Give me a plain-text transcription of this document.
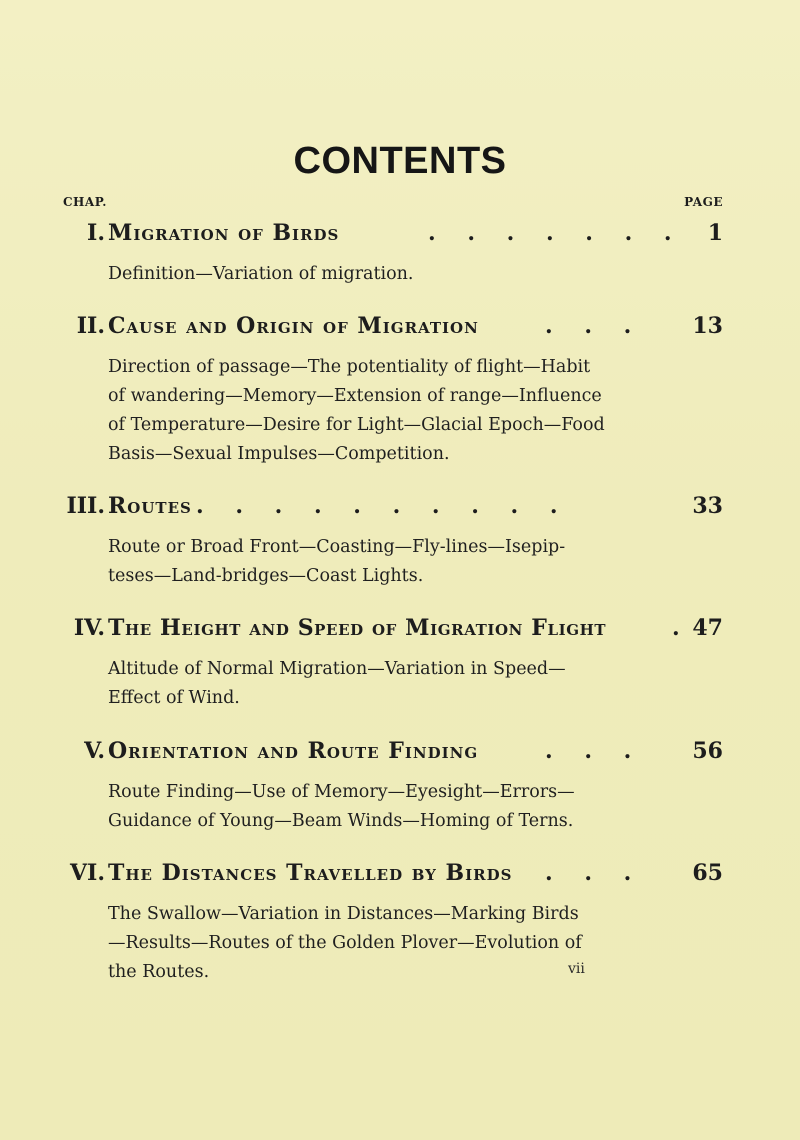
CONTENTS
CHAP.	PAGE
I. Migration of Birds	. . . . . . . 1
Definition—Variation of migration.
II. Cause and Origin of Migration	. . . 13
Direction of passage—The potentiality of flight—Habit
of wandering—Memory—Extension of range—Influence
of Temperature—Desire for Light—Glacial Epoch—Food
Basis—Sexual Impulses—Competition.
III. Routes . . . . . . . . . .	33
Route or Broad Front—Coasting—Fly-lines—Isepip-
teses—Land-bridges—Coast Lights.
IV. The Height and Speed of Migration Flight	. 47
Altitude of Normal Migration—Variation in Speed—
Effect of Wind.
V. Orientation and Route Finding	. . . 56
Route Finding—Use of Memory—Eyesight—Errors—
Guidance of Young—Beam Winds—Homing of Terns.
VI. The Distances Travelled by Birds . . . 65
The Swallow—Variation in Distances—Marking Birds
—Results—Routes of the Golden Plover—Evolution of
the Routes.	vii
